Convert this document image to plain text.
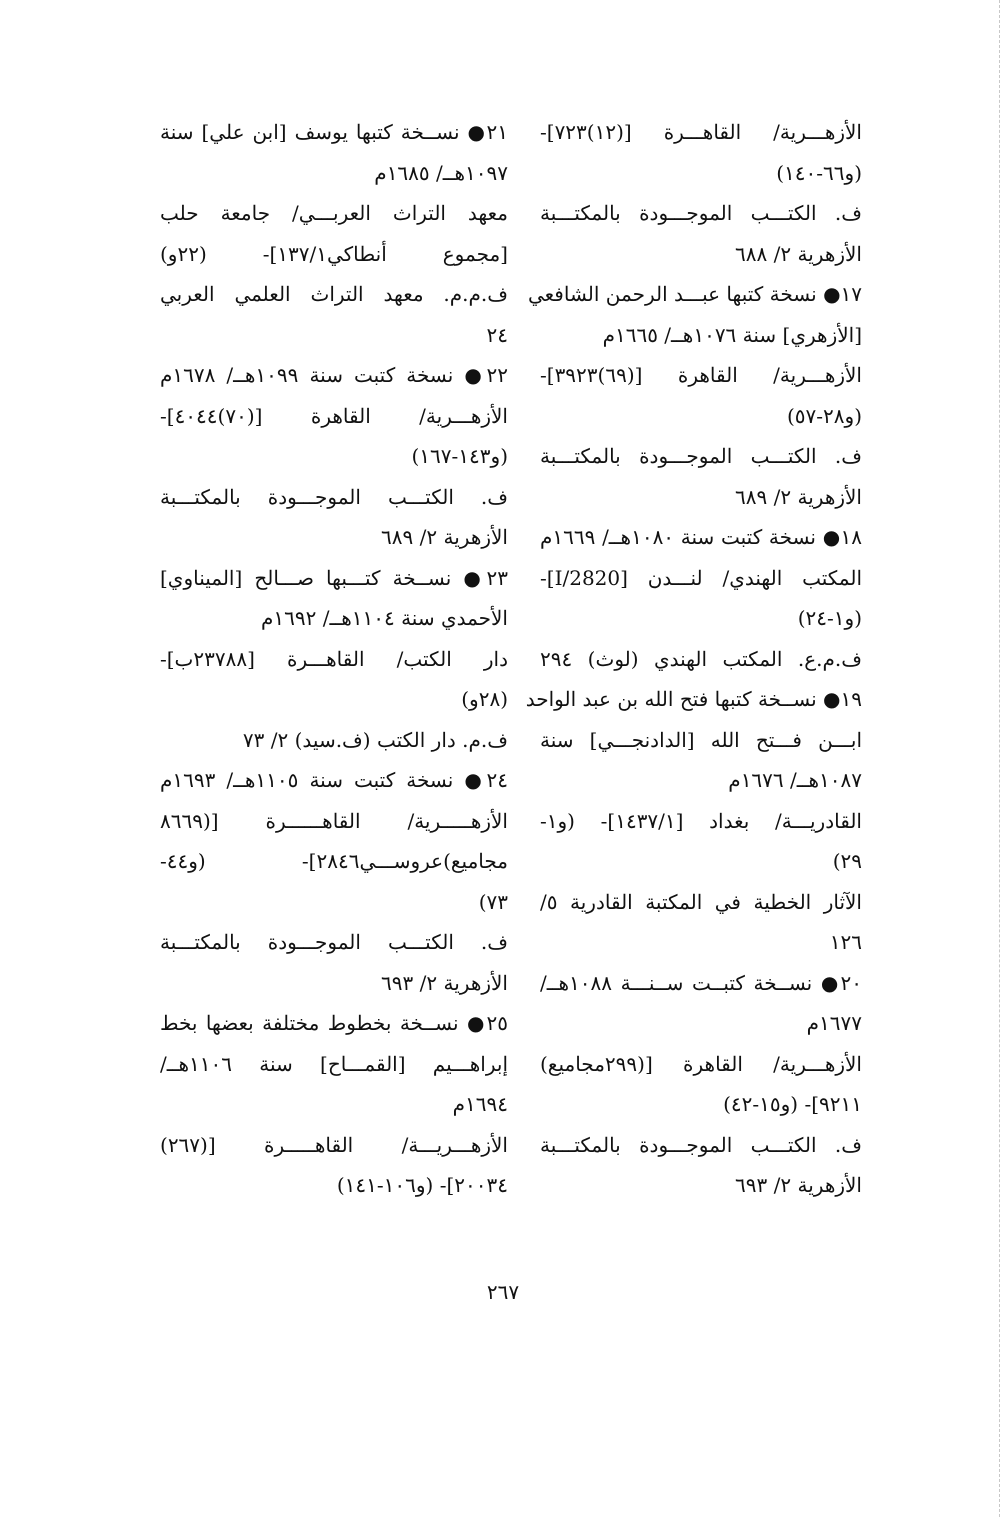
الأزهـــرية/ القاهـــرة [(١٢)٧٢٣]-
(و٦٦-١٤٠)
ف. الكتـــب الموجـــودة بالمكتـــبة
الأزهرية ٢/ ٦٨٨
١٧● نسخة كتبها عبـــد الرحمن الشافعي
[الأزهري] سنة ١٠٧٦هــ/ ١٦٦٥م
الأزهـــرية/ القاهرة [(٦٩)٣٩٢٣]-
(و٢٨-٥٧)
ف. الكتـــب الموجـــودة بالمكتـــبة
الأزهرية ٢/ ٦٨٩
١٨● نسخة كتبت سنة ١٠٨٠هــ/ ١٦٦٩م
المكتب الهندي/ لنـــدن [2820/I]-
(و١-٢٤)
ف.م.ع. المكتب الهندي (لوث) ٢٩٤
١٩● نســخة كتبها فتح الله بن عبد الواحد
ابـــن فـــتح الله [الدادنجـــي] سنة
١٠٨٧هــ/ ١٦٧٦م
القادريـــة/ بغداد [١٤٣٧/١]- (و١-
٢٩)
الآثار الخطية في المكتبة القادرية ٥/
١٢٦
٢٠● نســخة كتبــت ســنـــة ١٠٨٨هــ/
١٦٧٧م
الأزهـــرية/ القاهرة [(٢٩٩مجاميع)
٩٢١١]- (و١٥-٤٢)
ف. الكتـــب الموجـــودة بالمكتـــبة
الأزهرية ٢/ ٦٩٣
٢١● نســخة كتبها يوسف [ابن علي] سنة
١٠٩٧هــ/ ١٦٨٥م
معهد التراث العربـــي/ جامعة حلب
[مجموع أنطاكي١٣٧/١]- (٢٢و)
ف.م.م. معهد التراث العلمي العربي
٢٤
٢٢● نسخة كتبت سنة ١٠٩٩هــ/ ١٦٧٨م
الأزهـــرية/ القاهرة [(٧٠)٤٠٤٤]-
(و١٤٣-١٦٧)
ف. الكتـــب الموجـــودة بالمكتـــبة
الأزهرية ٢/ ٦٨٩
٢٣● نســخة كتـــبها صـــالح [الميناوي]
الأحمدي سنة ١١٠٤هــ/ ١٦٩٢م
دار الكتب/ القاهـــرة [٢٣٧٨٨ب]-
(٢٨و)
ف.م. دار الكتب (ف.سيد) ٢/ ٧٣
٢٤● نسخة كتبت سنة ١١٠٥هــ/ ١٦٩٣م
الأزهـــــرية/ القاهــــــرة [(٨٦٦٩
مجاميع)عروســـي٢٨٤٦]- (و٤٤-
٧٣)
ف. الكتـــب الموجـــودة بالمكتـــبة
الأزهرية ٢/ ٦٩٣
٢٥● نســخة بخطوط مختلفة بعضها بخط
إبراهـــيم [القمـــاح] سنة ١١٠٦هــ/
١٦٩٤م
الأزهـــريـــة/ القاهـــــرة [(٢٦٧)
٢٠٠٣٤]- (و١٠٦-١٤١)
٢٦٧
